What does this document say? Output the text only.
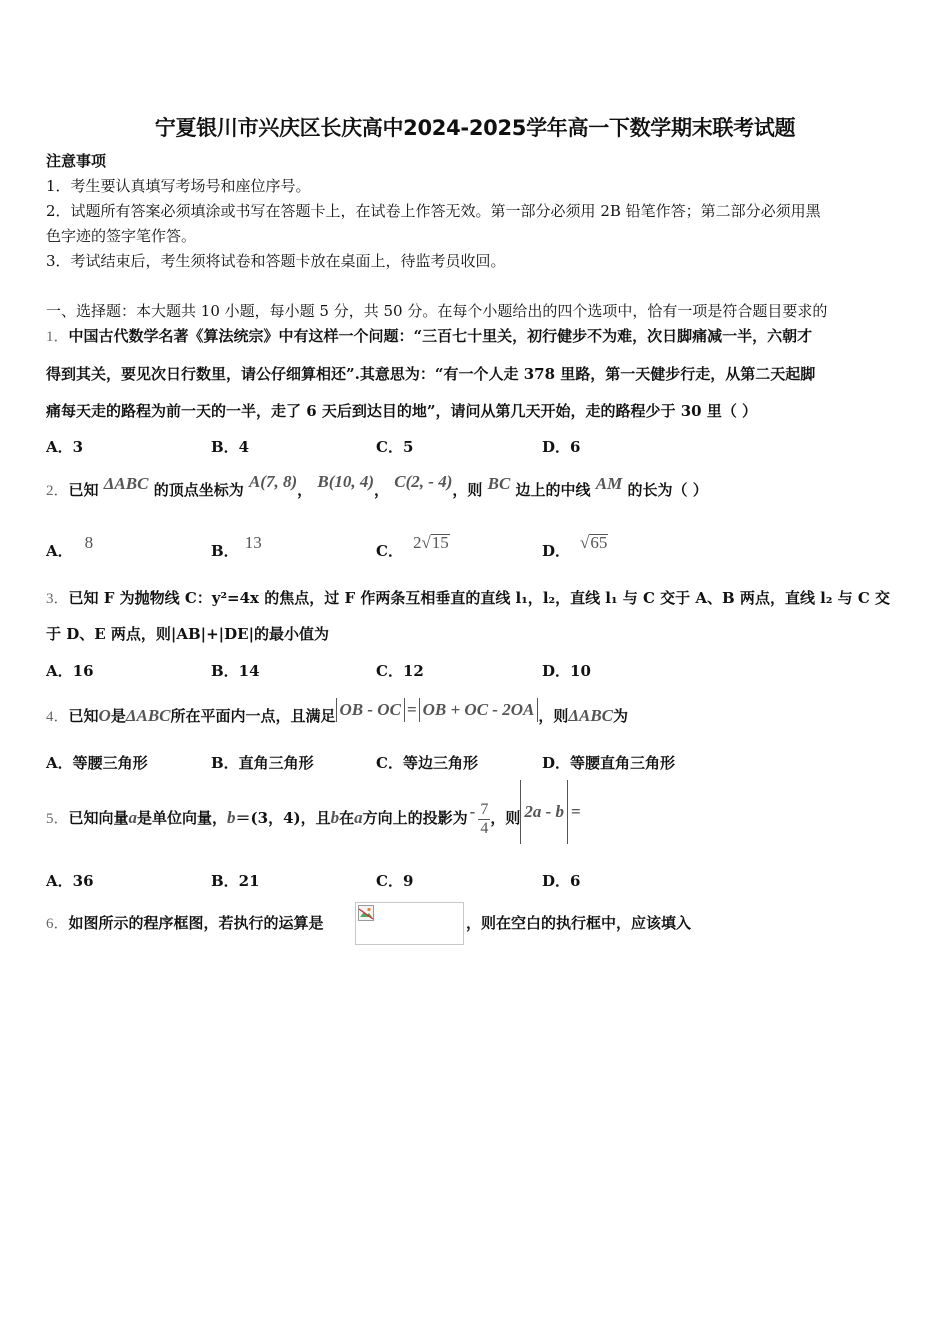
宁夏银川市兴庆区长庆高中2024-2025学年高一下数学期末联考试题
注意事项
1．考生要认真填写考场号和座位序号。
2．试题所有答案必须填涂或书写在答题卡上，在试卷上作答无效。第一部分必须用 2B 铅笔作答；第二部分必须用黑
色字迹的签字笔作答。
3．考试结束后，考生须将试卷和答题卡放在桌面上，待监考员收回。
一、选择题：本大题共 10 小题，每小题 5 分，共 50 分。在每个小题给出的四个选项中，恰有一项是符合题目要求的
1．中国古代数学名著《算法统宗》中有这样一个问题：“三百七十里关，初行健步不为难，次日脚痛减一半，六朝才
得到其关，要见次日行数里，请公仔细算相还”.其意思为：“有一个人走 378 里路，第一天健步行走，从第二天起脚
痛每天走的路程为前一天的一半，走了 6 天后到达目的地”，请问从第几天开始，走的路程少于 30 里（ ）
A．3	B．4	C．5	D．6
2．已知 ΔABC 的顶点坐标为 A(7, 8)， B(10, 4)， C(2, - 4)，则 BC 边上的中线 AM 的长为（ ）
A． 8	B． 13	C． 2√15	D． √65
3．已知 F 为抛物线 C：y²=4x 的焦点，过 F 作两条互相垂直的直线 l₁，l₂，直线 l₁ 与 C 交于 A、B 两点，直线 l₂ 与 C 交
于 D、E 两点，则|AB|+|DE|的最小值为
A．16	B．14	C．12	D．10
4．已知O是ΔABC所在平面内一点，且满足 OB - OC = OB + OC - 2OA ，则ΔABC为
A．等腰三角形	B．直角三角形	C．等边三角形	D．等腰直角三角形
5．已知向量a是单位向量，b＝(3，4)，且b在a方向上的投影为 - $\frac{7}{4}$ ，则 2a - b =
A．36	B．21	C．9	D．6
6．如图所示的程序框图，若执行的运算是	，则在空白的执行框中，应该填入
